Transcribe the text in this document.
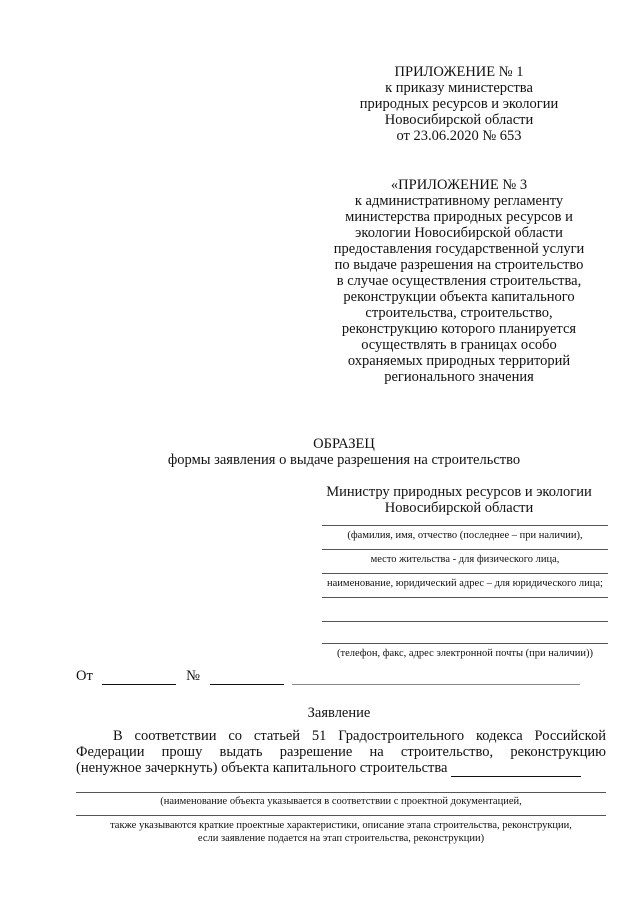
ПРИЛОЖЕНИЕ № 1
к приказу министерства
природных ресурсов и экологии
Новосибирской области
от 23.06.2020 № 653
«ПРИЛОЖЕНИЕ № 3
к административному регламенту
министерства природных ресурсов и
экологии Новосибирской области
предоставления государственной услуги
по выдаче разрешения на строительство
в случае осуществления строительства,
реконструкции объекта капитального
строительства, строительство,
реконструкцию которого планируется
осуществлять в границах особо
охраняемых природных территорий
регионального значения
ОБРАЗЕЦ
формы заявления о выдаче разрешения на строительство
Министру природных ресурсов и экологии
Новосибирской области
(фамилия, имя, отчество (последнее – при наличии),
место жительства - для физического лица,
наименование, юридический адрес – для юридического лица;
(телефон, факс, адрес электронной почты (при наличии))
От	№
Заявление
В соответствии со статьей 51 Градостроительного кодекса Российской
Федерации прошу выдать разрешение на строительство, реконструкцию
(ненужное зачеркнуть) объекта капитального строительства
(наименование объекта указывается в соответствии с проектной документацией,
также указываются краткие проектные характеристики, описание этапа строительства, реконструкции,
если заявление подается на этап строительства, реконструкции)
